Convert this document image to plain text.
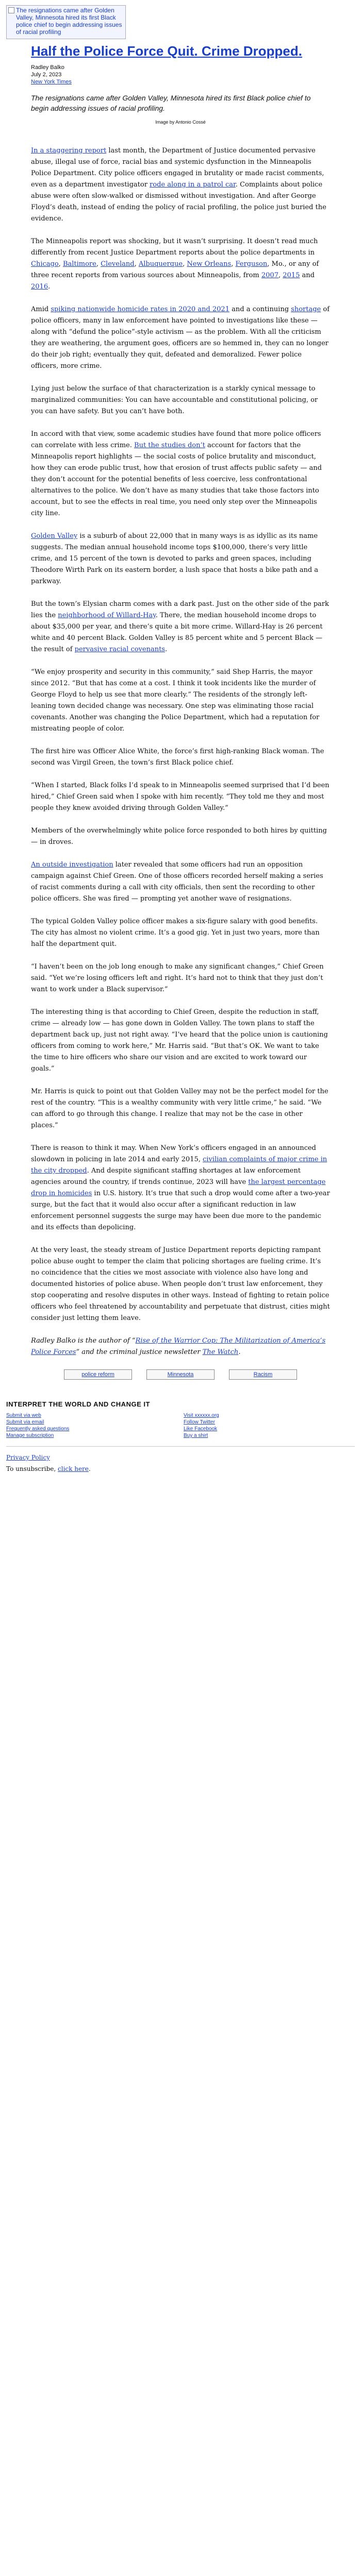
The resignations came after Golden Valley, Minnesota hired its first Black police chief to begin addressing issues of racial profiling
Half the Police Force Quit. Crime Dropped.
Radley Balko
July 2, 2023
New York Times
The resignations came after Golden Valley, Minnesota hired its first Black police chief to begin addressing issues of racial profiling.
Image by Antonio Cossé

In a staggering report last month, the Department of Justice documented pervasive abuse, illegal use of force, racial bias and systemic dysfunction in the Minneapolis Police Department. City police officers engaged in brutality or made racist comments, even as a department investigator rode along in a patrol car. Complaints about police abuse were often slow-walked or dismissed without investigation. And after George Floyd’s death, instead of ending the policy of racial profiling, the police just buried the evidence.

The Minneapolis report was shocking, but it wasn’t surprising. It doesn’t read much differently from recent Justice Department reports about the police departments in Chicago, Baltimore, Cleveland, Albuquerque, New Orleans, Ferguson, Mo., or any of three recent reports from various sources about Minneapolis, from 2007, 2015 and 2016.

Amid spiking nationwide homicide rates in 2020 and 2021 and a continuing shortage of police officers, many in law enforcement have pointed to investigations like these — along with “defund the police”-style activism — as the problem. With all the criticism they are weathering, the argument goes, officers are so hemmed in, they can no longer do their job right; eventually they quit, defeated and demoralized. Fewer police officers, more crime.

Lying just below the surface of that characterization is a starkly cynical message to marginalized communities: You can have accountable and constitutional policing, or you can have safety. But you can’t have both.

In accord with that view, some academic studies have found that more police officers can correlate with less crime. But the studies don’t account for factors that the Minneapolis report highlights — the social costs of police brutality and misconduct, how they can erode public trust, how that erosion of trust affects public safety — and they don’t account for the potential benefits of less coercive, less confrontational alternatives to the police. We don’t have as many studies that take those factors into account, but to see the effects in real time, you need only step over the Minneapolis city line.

Golden Valley is a suburb of about 22,000 that in many ways is as idyllic as its name suggests. The median annual household income tops $100,000, there’s very little crime, and 15 percent of the town is devoted to parks and green spaces, including Theodore Wirth Park on its eastern border, a lush space that hosts a bike path and a parkway.

But the town’s Elysian charm comes with a dark past. Just on the other side of the park lies the neighborhood of Willard-Hay. There, the median household income drops to about $35,000 per year, and there’s quite a bit more crime. Willard-Hay is 26 percent white and 40 percent Black. Golden Valley is 85 percent white and 5 percent Black — the result of pervasive racial covenants.

“We enjoy prosperity and security in this community,” said Shep Harris, the mayor since 2012. “But that has come at a cost. I think it took incidents like the murder of George Floyd to help us see that more clearly.” The residents of the strongly left-leaning town decided change was necessary. One step was eliminating those racial covenants. Another was changing the Police Department, which had a reputation for mistreating people of color.

The first hire was Officer Alice White, the force’s first high-ranking Black woman. The second was Virgil Green, the town’s first Black police chief.

“When I started, Black folks I’d speak to in Minneapolis seemed surprised that I’d been hired,” Chief Green said when I spoke with him recently. “They told me they and most people they knew avoided driving through Golden Valley.”

Members of the overwhelmingly white police force responded to both hires by quitting — in droves.

An outside investigation later revealed that some officers had run an opposition campaign against Chief Green. One of those officers recorded herself making a series of racist comments during a call with city officials, then sent the recording to other police officers. She was fired — prompting yet another wave of resignations.

The typical Golden Valley police officer makes a six-figure salary with good benefits. The city has almost no violent crime. It’s a good gig. Yet in just two years, more than half the department quit.

“I haven’t been on the job long enough to make any significant changes,” Chief Green said. “Yet we’re losing officers left and right. It’s hard not to think that they just don’t want to work under a Black supervisor.”

The interesting thing is that according to Chief Green, despite the reduction in staff, crime — already low — has gone down in Golden Valley. The town plans to staff the department back up, just not right away. “I’ve heard that the police union is cautioning officers from coming to work here,” Mr. Harris said. “But that’s OK. We want to take the time to hire officers who share our vision and are excited to work toward our goals.”

Mr. Harris is quick to point out that Golden Valley may not be the perfect model for the rest of the country. “This is a wealthy community with very little crime,” he said. “We can afford to go through this change. I realize that may not be the case in other places.”

There is reason to think it may. When New York’s officers engaged in an announced slowdown in policing in late 2014 and early 2015, civilian complaints of major crime in the city dropped. And despite significant staffing shortages at law enforcement agencies around the country, if trends continue, 2023 will have the largest percentage drop in homicides in U.S. history. It’s true that such a drop would come after a two-year surge, but the fact that it would also occur after a significant reduction in law enforcement personnel suggests the surge may have been due more to the pandemic and its effects than depolicing.

At the very least, the steady stream of Justice Department reports depicting rampant police abuse ought to temper the claim that policing shortages are fueling crime. It’s no coincidence that the cities we most associate with violence also have long and documented histories of police abuse. When people don’t trust law enforcement, they stop cooperating and resolve disputes in other ways. Instead of fighting to retain police officers who feel threatened by accountability and perpetuate that distrust, cities might consider just letting them leave.

Radley Balko is the author of “Rise of the Warrior Cop: The Militarization of America’s Police Forces” and the criminal justice newsletter The Watch.

police reform	Minnesota	Racism
INTERPRET THE WORLD AND CHANGE IT
Submit via web
Submit via email
Frequently asked questions
Manage subscription
Visit xxxxxx.org
Follow Twitter
Like Facebook
Buy a shirt
Privacy Policy
To unsubscribe, click here.
